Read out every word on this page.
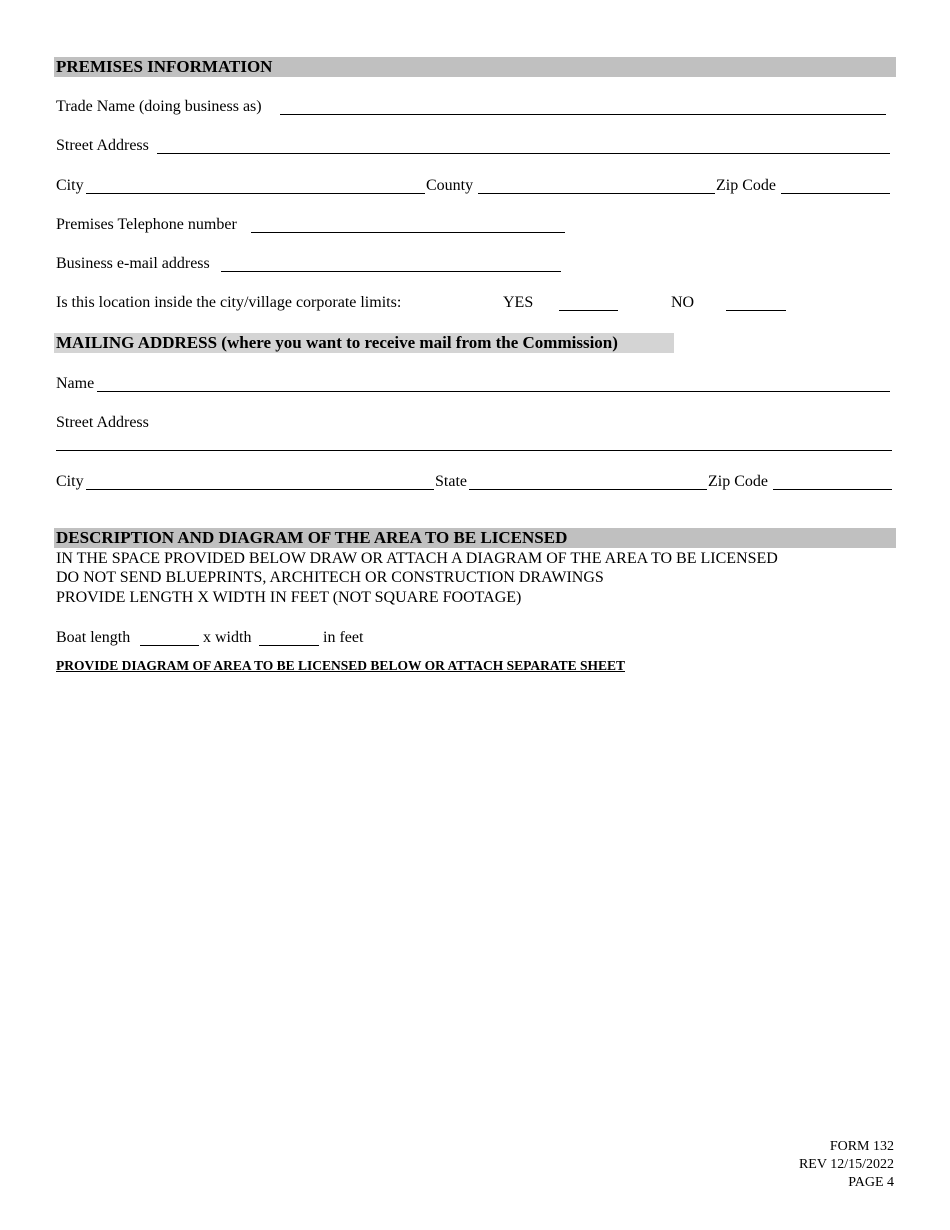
PREMISES INFORMATION
Trade Name (doing business as)
Street Address
City	County	Zip Code
Premises Telephone number
Business e-mail address
Is this location inside the city/village corporate limits:	YES	NO
MAILING ADDRESS (where you want to receive mail from the Commission)
Name
Street Address
City	State	Zip Code
DESCRIPTION AND DIAGRAM OF THE AREA TO BE LICENSED
IN THE SPACE PROVIDED BELOW DRAW OR ATTACH A DIAGRAM OF THE AREA TO BE LICENSED
DO NOT SEND BLUEPRINTS, ARCHITECH OR CONSTRUCTION DRAWINGS
PROVIDE LENGTH X WIDTH IN FEET (NOT SQUARE FOOTAGE)
Boat length	x width	in feet
PROVIDE DIAGRAM OF AREA TO BE LICENSED BELOW OR ATTACH SEPARATE SHEET
FORM 132
REV 12/15/2022
PAGE 4
